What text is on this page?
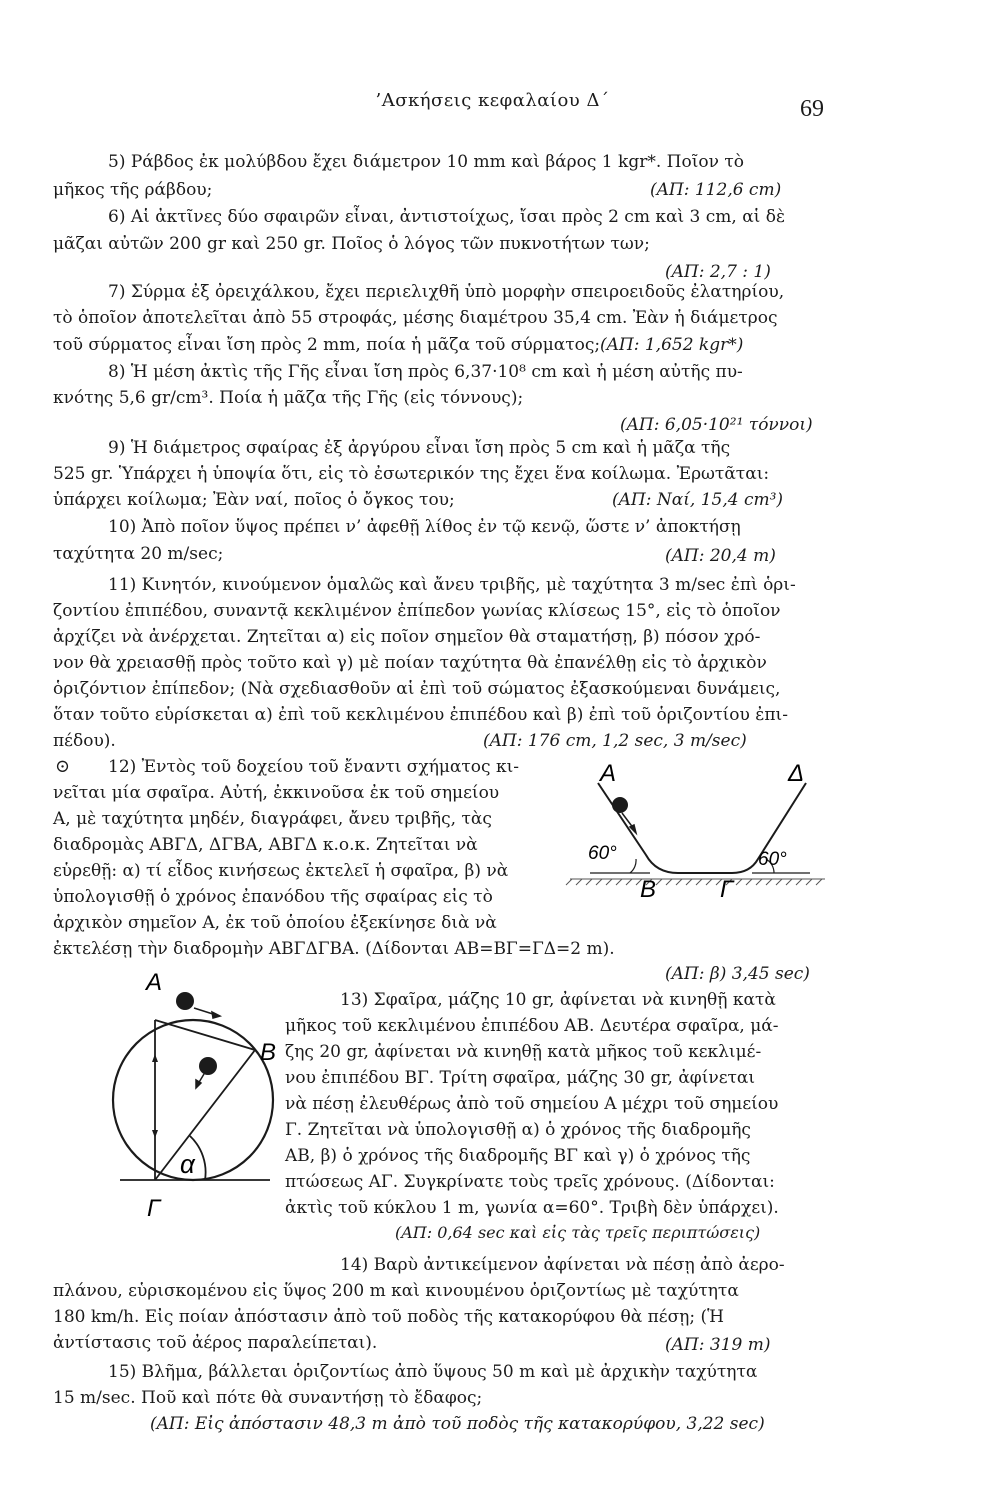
’Ασκήσεις κεφαλαίου Δ΄	69
5) Ράβδος ἐκ μολύβδου ἔχει διάμετρον 10 mm καὶ βάρος 1 kgr*. Ποῖον τὸ
μῆκος τῆς ράβδου;	(ΑΠ: 112,6 cm)
6) Αἱ ἀκτῖνες δύο σφαιρῶν εἶναι, ἀντιστοίχως, ἴσαι πρὸς 2 cm καὶ 3 cm, αἱ δὲ
μᾶζαι αὐτῶν 200 gr καὶ 250 gr. Ποῖος ὁ λόγος τῶν πυκνοτήτων των;
(ΑΠ: 2,7 : 1)
7) Σύρμα ἐξ ὀρειχάλκου, ἔχει περιελιχθῆ ὑπὸ μορφὴν σπειροειδοῦς ἐλατηρίου,
τὸ ὁποῖον ἀποτελεῖται ἀπὸ 55 στροφάς, μέσης διαμέτρου 35,4 cm. Ἐὰν ἡ διάμετρος
τοῦ σύρματος εἶναι ἴση πρὸς 2 mm, ποία ἡ μᾶζα τοῦ σύρματος; (ΑΠ: 1,652 kgr*)
8) Ἡ μέση ἀκτὶς τῆς Γῆς εἶναι ἴση πρὸς 6,37·10⁸ cm καὶ ἡ μέση αὐτῆς πυ-
κνότης 5,6 gr/cm³. Ποία ἡ μᾶζα τῆς Γῆς (εἰς τόννους);
(ΑΠ: 6,05·10²¹ τόννοι)
9) Ἡ διάμετρος σφαίρας ἐξ ἀργύρου εἶναι ἴση πρὸς 5 cm καὶ ἡ μᾶζα τῆς
525 gr. Ὑπάρχει ἡ ὑποψία ὅτι, εἰς τὸ ἐσωτερικόν της ἔχει ἕνα κοίλωμα. Ἐρωτᾶται:
ὑπάρχει κοίλωμα; Ἐὰν ναί, ποῖος ὁ ὄγκος του;	(ΑΠ: Ναί, 15,4 cm³)
10) Ἀπὸ ποῖον ὕψος πρέπει ν’ ἀφεθῇ λίθος ἐν τῷ κενῷ, ὥστε ν’ ἀποκτήσῃ
ταχύτητα 20 m/sec;	(ΑΠ: 20,4 m)
11) Κινητόν, κινούμενον ὁμαλῶς καὶ ἄνευ τριβῆς, μὲ ταχύτητα 3 m/sec ἐπὶ ὁρι-
ζοντίου ἐπιπέδου, συναντᾷ κεκλιμένον ἐπίπεδον γωνίας κλίσεως 15°, εἰς τὸ ὁποῖον
ἀρχίζει νὰ ἀνέρχεται. Ζητεῖται α) εἰς ποῖον σημεῖον θὰ σταματήσῃ, β) πόσον χρό-
νον θὰ χρειασθῇ πρὸς τοῦτο καὶ γ) μὲ ποίαν ταχύτητα θὰ ἐπανέλθῃ εἰς τὸ ἀρχικὸν
ὁριζόντιον ἐπίπεδον; (Νὰ σχεδιασθοῦν αἱ ἐπὶ τοῦ σώματος ἐξασκούμεναι δυνάμεις,
ὅταν τοῦτο εὑρίσκεται α) ἐπὶ τοῦ κεκλιμένου ἐπιπέδου καὶ β) ἐπὶ τοῦ ὁριζοντίου ἐπι-
πέδου).	(ΑΠ: 176 cm, 1,2 sec, 3 m/sec)
⊙ 12) Ἐντὸς τοῦ δοχείου τοῦ ἔναντι σχήματος κι-
νεῖται μία σφαῖρα. Αὐτή, ἐκκινοῦσα ἐκ τοῦ σημείου
Α, μὲ ταχύτητα μηδέν, διαγράφει, ἄνευ τριβῆς, τὰς
διαδρομὰς ΑΒΓΔ, ΔΓΒΑ, ΑΒΓΔ κ.ο.κ. Ζητεῖται νὰ
εὑρεθῇ: α) τί εἶδος κινήσεως ἐκτελεῖ ἡ σφαῖρα, β) νὰ
ὑπολογισθῇ ὁ χρόνος ἐπανόδου τῆς σφαίρας εἰς τὸ
ἀρχικὸν σημεῖον Α, ἐκ τοῦ ὁποίου ἐξεκίνησε διὰ νὰ
ἐκτελέσῃ τὴν διαδρομὴν ΑΒΓΔΓΒΑ. (Δίδονται ΑΒ=ΒΓ=ΓΔ=2 m).
(ΑΠ: β) 3,45 sec)
13) Σφαῖρα, μάζης 10 gr, ἀφίνεται νὰ κινηθῇ κατὰ
μῆκος τοῦ κεκλιμένου ἐπιπέδου ΑΒ. Δευτέρα σφαῖρα, μά-
ζης 20 gr, ἀφίνεται νὰ κινηθῇ κατὰ μῆκος τοῦ κεκλιμέ-
νου ἐπιπέδου ΒΓ. Τρίτη σφαῖρα, μάζης 30 gr, ἀφίνεται
νὰ πέσῃ ἐλευθέρως ἀπὸ τοῦ σημείου Α μέχρι τοῦ σημείου
Γ. Ζητεῖται νὰ ὑπολογισθῇ α) ὁ χρόνος τῆς διαδρομῆς
ΑΒ, β) ὁ χρόνος τῆς διαδρομῆς ΒΓ καὶ γ) ὁ χρόνος τῆς
πτώσεως ΑΓ. Συγκρίνατε τοὺς τρεῖς χρόνους. (Δίδονται:
ἀκτὶς τοῦ κύκλου 1 m, γωνία α=60°. Τριβὴ δὲν ὑπάρχει).
(ΑΠ: 0,64 sec καὶ εἰς τὰς τρεῖς περιπτώσεις)
14) Βαρὺ ἀντικείμενον ἀφίνεται νὰ πέσῃ ἀπὸ ἀερο-
πλάνου, εὑρισκομένου εἰς ὕψος 200 m καὶ κινουμένου ὁριζοντίως μὲ ταχύτητα
180 km/h. Εἰς ποίαν ἀπόστασιν ἀπὸ τοῦ ποδὸς τῆς κατακορύφου θὰ πέσῃ; (Ἡ
ἀντίστασις τοῦ ἀέρος παραλείπεται).	(ΑΠ: 319 m)
15) Βλῆμα, βάλλεται ὁριζοντίως ἀπὸ ὕψους 50 m καὶ μὲ ἀρχικὴν ταχύτητα
15 m/sec. Ποῦ καὶ πότε θὰ συναντήσῃ τὸ ἔδαφος;
(ΑΠ: Εἰς ἀπόστασιν 48,3 m ἀπὸ τοῦ ποδὸς τῆς κατακορύφου, 3,22 sec)
Α	Δ
Β	Γ
60°	60°
Α
Β
Γ
α
